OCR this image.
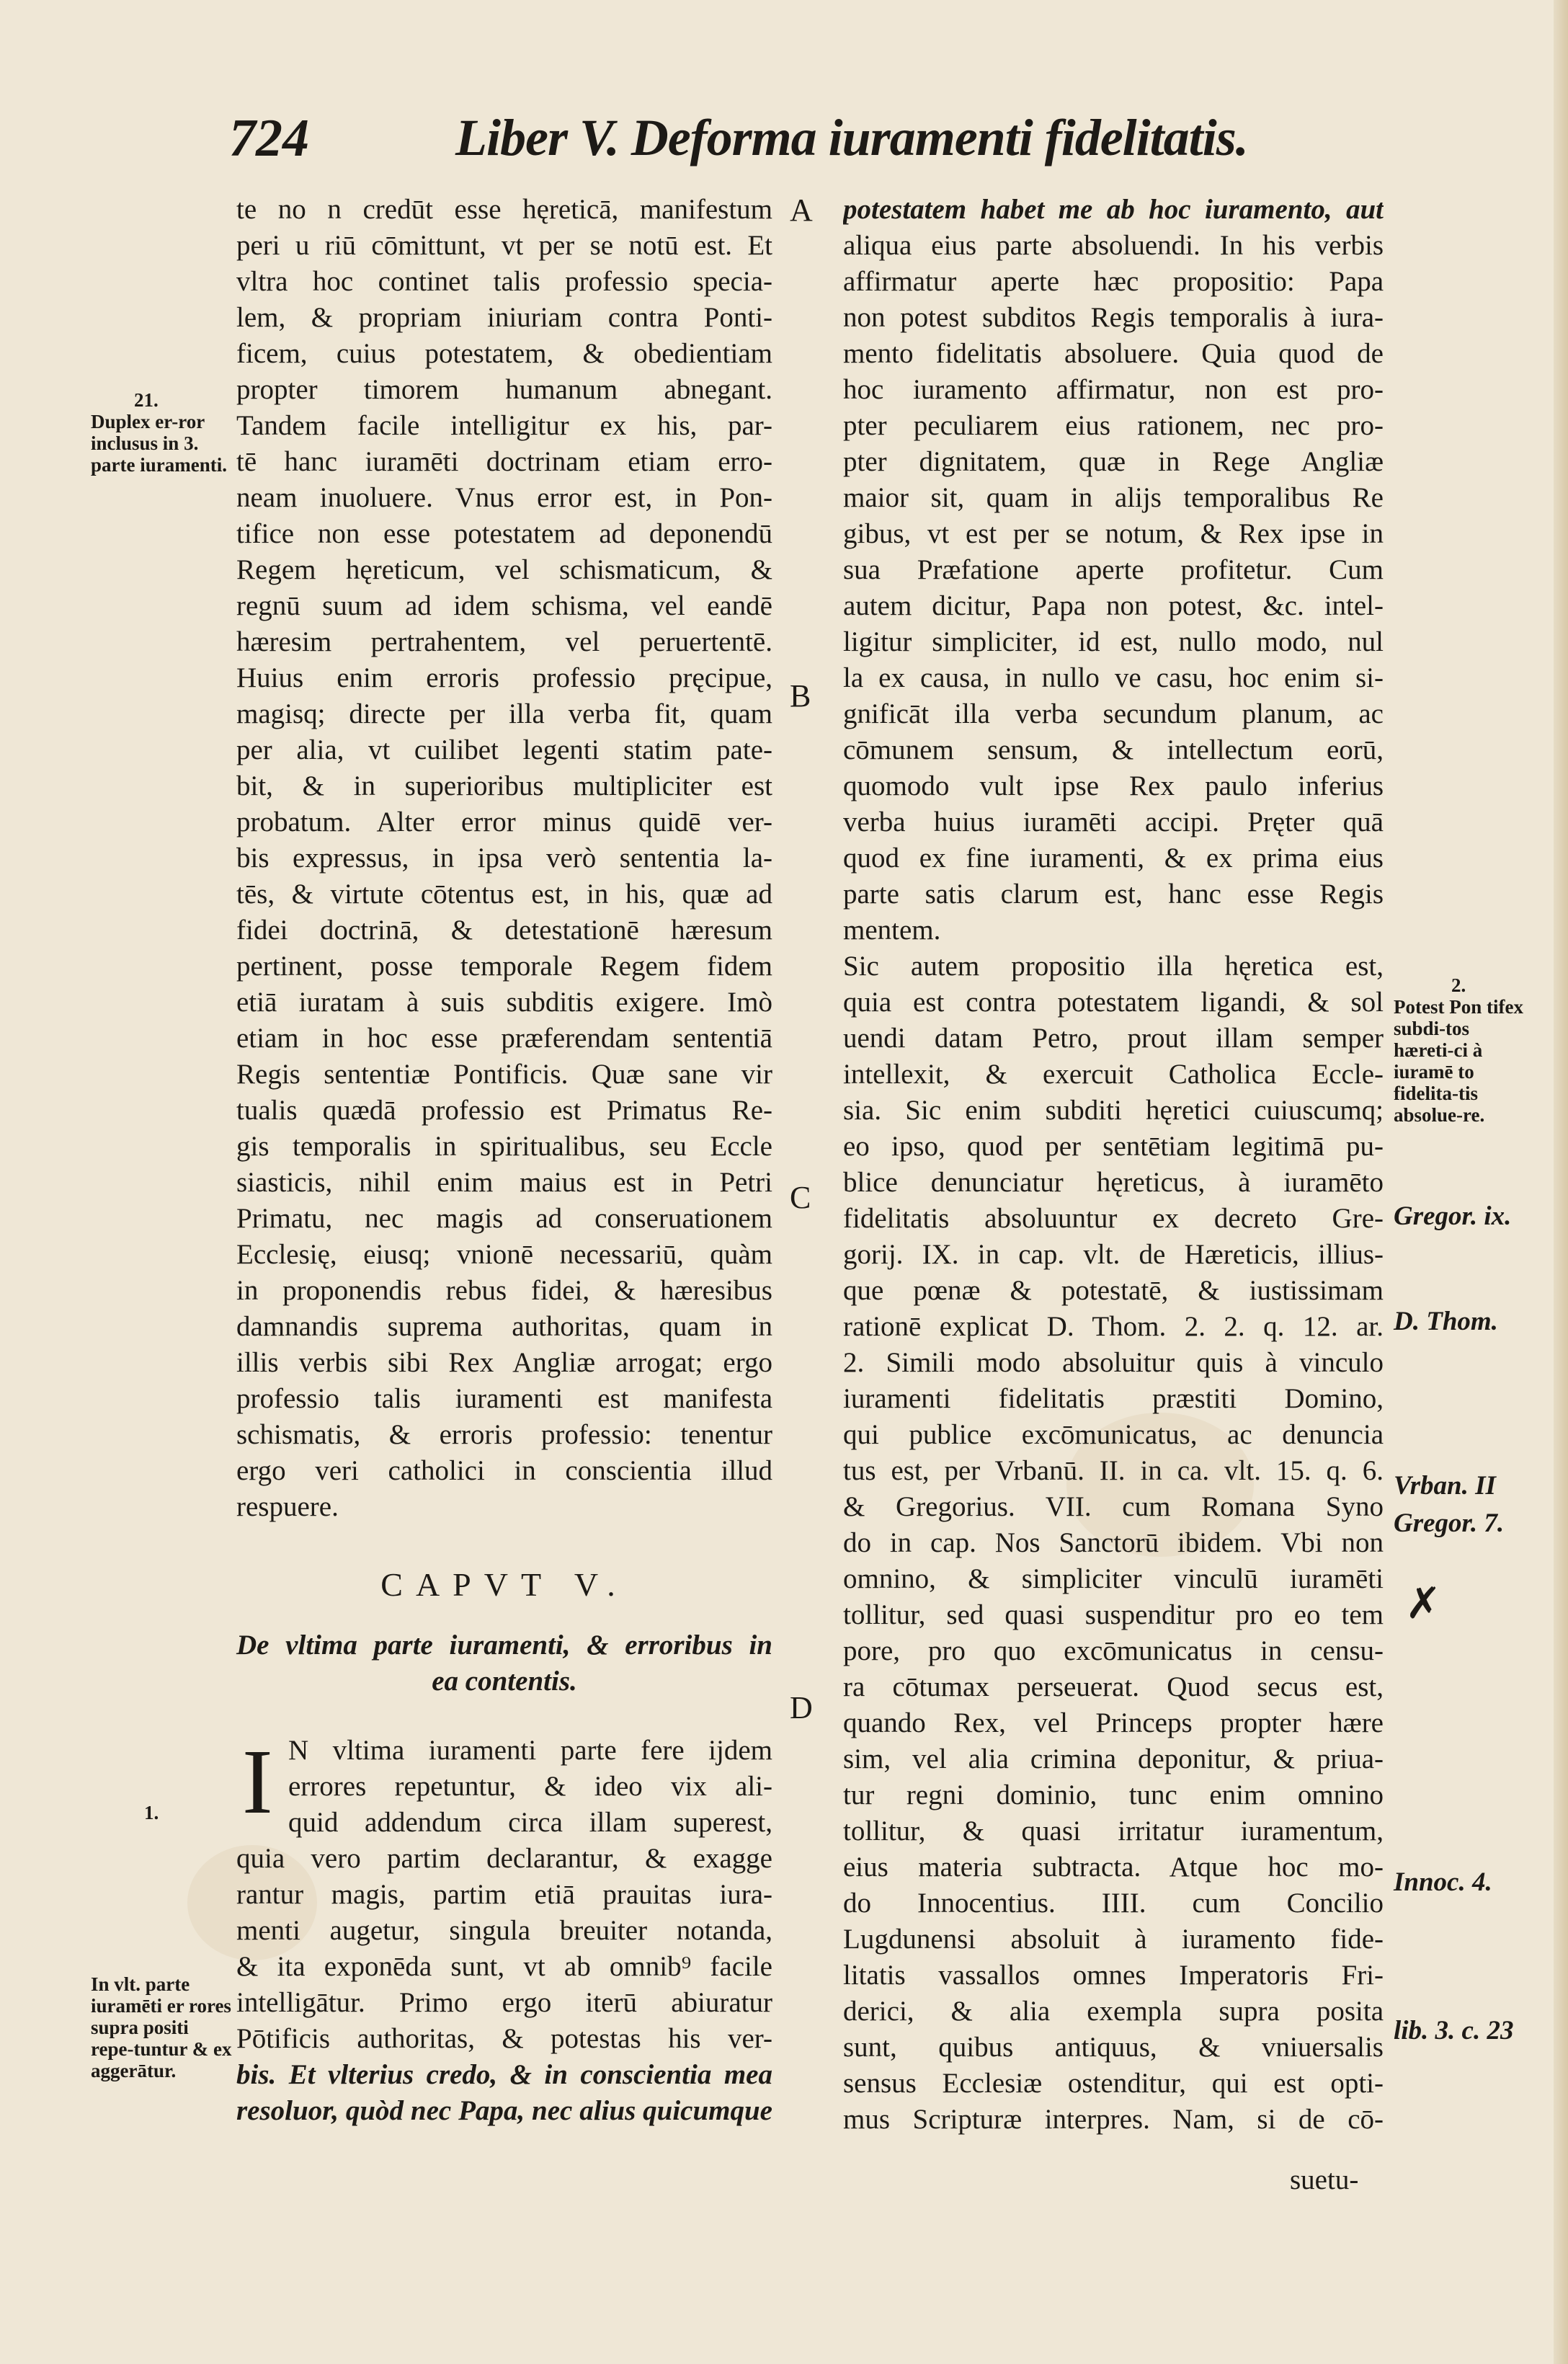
724	Liber V. Deforma iuramenti fidelitatis.
te no n credūt esse hęreticā, manifestum
peri u riū cōmittunt, vt per se notū est. Et
vltra hoc continet talis professio specia-
lem, & propriam iniuriam contra Ponti-
ficem, cuius potestatem, & obedientiam
propter timorem humanum abnegant.
Tandem facile intelligitur ex his, par-
tē hanc iuramēti doctrinam etiam erro-
neam inuoluere. Vnus error est, in Pon-
tifice non esse potestatem ad deponendū
Regem hęreticum, vel schismaticum, &
regnū suum ad idem schisma, vel eandē
hæresim pertrahentem, vel peruertentē.
Huius enim erroris professio pręcipue,
magisq; directe per illa verba fit, quam
per alia, vt cuilibet legenti statim pate-
bit, & in superioribus multipliciter est
probatum. Alter error minus quidē ver-
bis expressus, in ipsa verò sententia la-
tēs, & virtute cōtentus est, in his, quæ ad
fidei doctrinā, & detestationē hæresum
pertinent, posse temporale Regem fidem
etiā iuratam à suis subditis exigere. Imò
etiam in hoc esse præferendam sententiā
Regis sententiæ Pontificis. Quæ sane vir
tualis quædā professio est Primatus Re-
gis temporalis in spiritualibus, seu Eccle
siasticis, nihil enim maius est in Petri
Primatu, nec magis ad conseruationem
Ecclesię, eiusq; vnionē necessariū, quàm
in proponendis rebus fidei, & hæresibus
damnandis suprema authoritas, quam in
illis verbis sibi Rex Angliæ arrogat; ergo
professio talis iuramenti est manifesta
schismatis, & erroris professio: tenentur
ergo veri catholici in conscientia illud
respuere.
CAPVT V.
De vltima parte iuramenti, & erroribus in
ea contentis.
I N vltima iuramenti parte fere ijdem
errores repetuntur, & ideo vix ali-
quid addendum circa illam superest,
quia vero partim declarantur, & exagge
rantur magis, partim etiā prauitas iura-
menti augetur, singula breuiter notanda,
& ita exponēda sunt, vt ab omnib⁹ facile
intelligātur. Primo ergo iterū abiuratur
Pōtificis authoritas, & potestas his ver-
bis. Et vlterius credo, & in conscientia mea
resoluor, quòd nec Papa, nec alius quicumque
A
B
C
D
potestatem habet me ab hoc iuramento, aut
aliqua eius parte absoluendi. In his verbis
affirmatur aperte hæc propositio: Papa
non potest subditos Regis temporalis à iura-
mento fidelitatis absoluere. Quia quod de
hoc iuramento affirmatur, non est pro-
pter peculiarem eius rationem, nec pro-
pter dignitatem, quæ in Rege Angliæ
maior sit, quam in alijs temporalibus Re
gibus, vt est per se notum, & Rex ipse in
sua Præfatione aperte profitetur. Cum
autem dicitur, Papa non potest, &c. intel-
ligitur simpliciter, id est, nullo modo, nul
la ex causa, in nullo ve casu, hoc enim si-
gnificāt illa verba secundum planum, ac
cōmunem sensum, & intellectum eorū,
quomodo vult ipse Rex paulo inferius
verba huius iuramēti accipi. Pręter quā
quod ex fine iuramenti, & ex prima eius
parte satis clarum est, hanc esse Regis
mentem.
Sic autem propositio illa hęretica est,
quia est contra potestatem ligandi, & sol
uendi datam Petro, prout illam semper
intellexit, & exercuit Catholica Eccle-
sia. Sic enim subditi hęretici cuiuscumq;
eo ipso, quod per sentētiam legitimā pu-
blice denunciatur hęreticus, à iuramēto
fidelitatis absoluuntur ex decreto Gre-
gorij. IX. in cap. vlt. de Hæreticis, illius-
que pœnæ & potestatē, & iustissimam
rationē explicat D. Thom. 2. 2. q. 12. ar.
2. Simili modo absoluitur quis à vinculo
iuramenti fidelitatis præstiti Domino,
qui publice excōmunicatus, ac denuncia
tus est, per Vrbanū. II. in ca. vlt. 15. q. 6.
& Gregorius. VII. cum Romana Syno
do in cap. Nos Sanctorū ibidem. Vbi non
omnino, & simpliciter vinculū iuramēti
tollitur, sed quasi suspenditur pro eo tem
pore, pro quo excōmunicatus in censu-
ra cōtumax perseuerat. Quod secus est,
quando Rex, vel Princeps propter hære
sim, vel alia crimina deponitur, & priua-
tur regni dominio, tunc enim omnino
tollitur, & quasi irritatur iuramentum,
eius materia subtracta. Atque hoc mo-
do Innocentius. IIII. cum Concilio
Lugdunensi absoluit à iuramento fide-
litatis vassallos omnes Imperatoris Fri-
derici, & alia exempla supra posita
sunt, quibus antiquus, & vniuersalis
sensus Ecclesiæ ostenditur, qui est opti-
mus Scripturæ interpres. Nam, si de cō-
suetu-
21.
Duplex er-ror inclusus in 3. parte iuramenti.
1.
In vlt. parte iuramēti er rores supra positi repe-tuntur & ex aggerātur.
2.
Potest Pon tifex subdi-tos hæreti-ci à iuramē to fidelita-tis absolue-re.
Gregor. ix.
D. Thom.
Vrban. II
Gregor. 7.
Innoc. 4.
lib. 3. c. 23
✗
